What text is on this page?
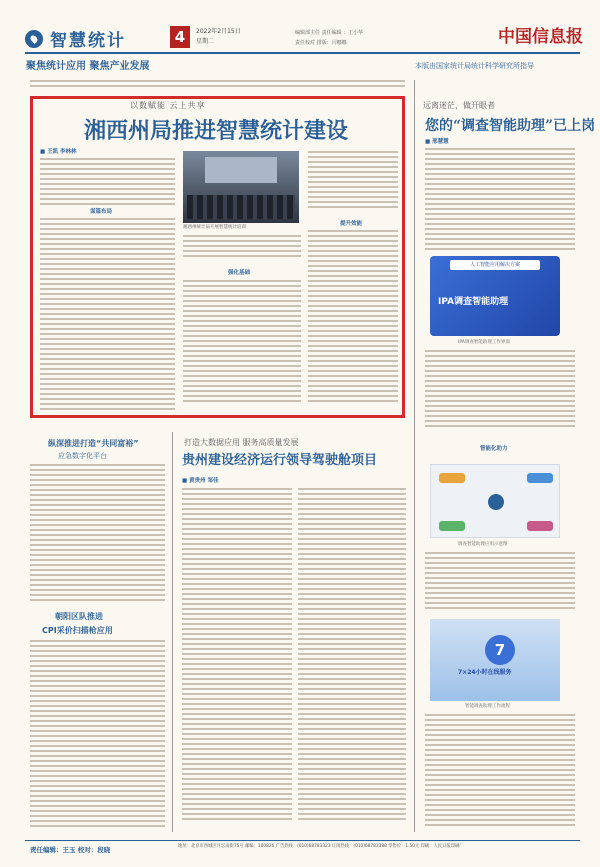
智慧统计	4	2022年2月15日
星期二
编辑部主任 责任编辑 ：王小华
责任校对 排版：闫娜娜	中国信息报
聚焦统计应用 聚焦产业发展	本版由国家统计局统计科学研究所指导
以数赋能 云上共享
湘西州局推进智慧统计建设
■ 王凯 李林林
谋篇布局
湘西州统计局开展智慧统计培训
强化基础
提升效能
远离迷茫，做开眼者
您的“调查智能助理”已上岗
■ 邢慧慧
人工智能应用解决方案
IPA调查智能助理
IPA调查智能助理工作界面
智能化助力
调查智能助理应用示意图
7
7×24小时在线服务
智能调查助理工作流程
纵深推进打造“共同富裕”
应急数字化平台
打造大数据应用 服务高质量发展
贵州建设经济运行领导驾驶舱项目
■ 黄贵州 邹佳
朝阳区队推进
CPI采价扫描枪应用
责任编辑：王玉 校对：段晓	地址：北京市西城区月坛南街75号 邮编：100826 广告热线：(010)68783323 订阅热线：(010)68783388 零售价：1.50元 印刷：人民日报印刷厂
